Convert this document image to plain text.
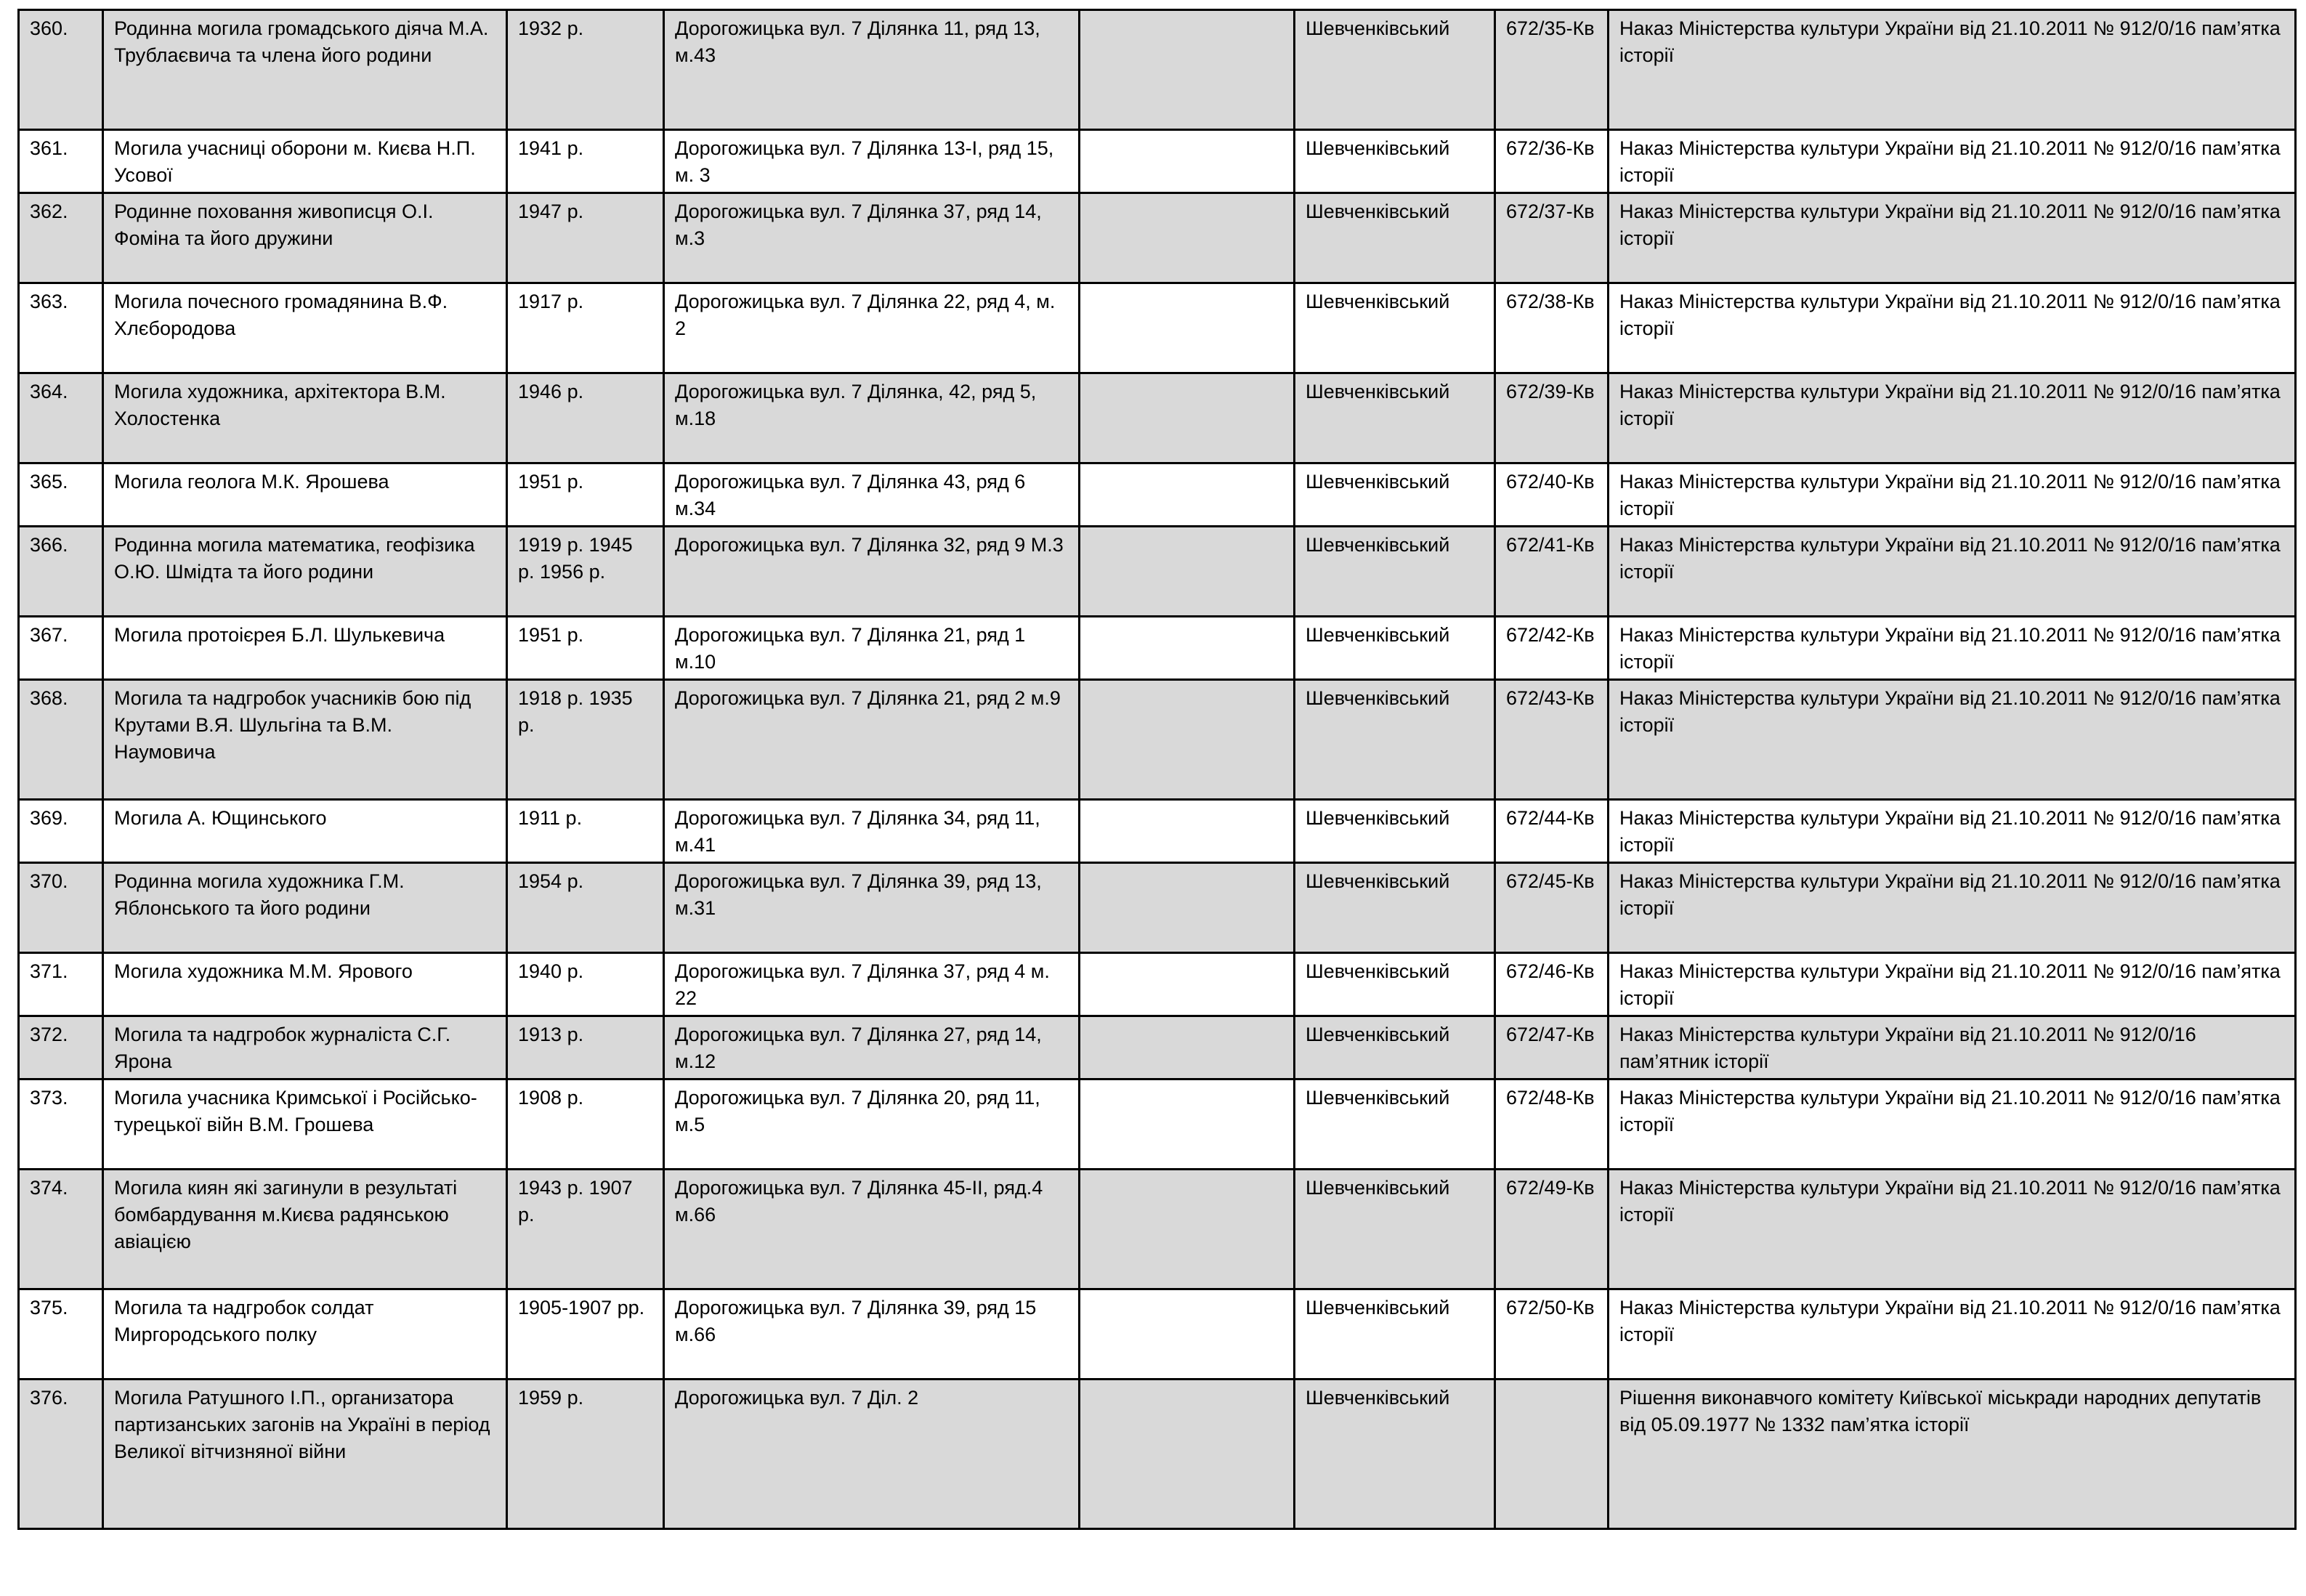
360.	Родинна могила громадського діяча М.А. Трублаєвича та члена його родини	1932 р.	Дорогожицька вул. 7 Ділянка 11, ряд 13, м.43		Шевченківський	672/35-Кв	Наказ Міністерства культури України від 21.10.2011 № 912/0/16 пам’ятка історії
361.	Могила учасниці оборони м. Києва Н.П. Усової	1941 р.	Дорогожицька вул. 7 Ділянка 13-І, ряд 15, м. 3		Шевченківський	672/36-Кв	Наказ Міністерства культури України від 21.10.2011 № 912/0/16 пам’ятка історії
362.	Родинне поховання живописця О.І. Фоміна та його дружини	1947 р.	Дорогожицька вул. 7 Ділянка 37, ряд 14, м.3		Шевченківський	672/37-Кв	Наказ Міністерства культури України від 21.10.2011 № 912/0/16 пам’ятка історії
363.	Могила почесного громадянина В.Ф. Хлєбородова	1917 р.	Дорогожицька вул. 7 Ділянка 22, ряд 4, м. 2		Шевченківський	672/38-Кв	Наказ Міністерства культури України від 21.10.2011 № 912/0/16 пам’ятка історії
364.	Могила художника, архітектора В.М. Холостенка	1946 р.	Дорогожицька вул. 7 Ділянка, 42, ряд 5, м.18		Шевченківський	672/39-Кв	Наказ Міністерства культури України від 21.10.2011 № 912/0/16 пам’ятка історії
365.	Могила геолога М.К. Ярошева	1951 р.	Дорогожицька вул. 7 Ділянка 43, ряд 6 м.34		Шевченківський	672/40-Кв	Наказ Міністерства культури України від 21.10.2011 № 912/0/16 пам’ятка історії
366.	Родинна могила математика, геофізика О.Ю. Шмідта та його родини	1919 р. 1945 р. 1956 р.	Дорогожицька вул. 7 Ділянка 32, ряд 9 М.3		Шевченківський	672/41-Кв	Наказ Міністерства культури України від 21.10.2011 № 912/0/16 пам’ятка історії
367.	Могила протоієрея Б.Л. Шулькевича	1951 р.	Дорогожицька вул. 7 Ділянка 21, ряд 1 м.10		Шевченківський	672/42-Кв	Наказ Міністерства культури України від 21.10.2011 № 912/0/16 пам’ятка історії
368.	Могила та надгробок учасників бою під Крутами В.Я. Шульгіна та В.М. Наумовича	1918 р. 1935 р.	Дорогожицька вул. 7 Ділянка 21, ряд 2 м.9		Шевченківський	672/43-Кв	Наказ Міністерства культури України від 21.10.2011 № 912/0/16 пам’ятка історії
369.	Могила А. Ющинського	1911 р.	Дорогожицька вул. 7 Ділянка 34, ряд 11, м.41		Шевченківський	672/44-Кв	Наказ Міністерства культури України від 21.10.2011 № 912/0/16 пам’ятка історії
370.	Родинна могила художника Г.М. Яблонського та його родини	1954 р.	Дорогожицька вул. 7 Ділянка 39, ряд 13, м.31		Шевченківський	672/45-Кв	Наказ Міністерства культури України від 21.10.2011 № 912/0/16 пам’ятка історії
371.	Могила художника М.М. Ярового	1940 р.	Дорогожицька вул. 7 Ділянка 37, ряд 4 м. 22		Шевченківський	672/46-Кв	Наказ Міністерства культури України від 21.10.2011 № 912/0/16 пам’ятка історії
372.	Могила та надгробок журналіста С.Г. Ярона	1913 р.	Дорогожицька вул. 7 Ділянка 27, ряд 14, м.12		Шевченківський	672/47-Кв	Наказ Міністерства культури України від 21.10.2011 № 912/0/16 пам’ятник історії
373.	Могила учасника Кримської і Російсько-турецької війн В.М. Грошева	1908 р.	Дорогожицька вул. 7 Ділянка 20, ряд 11, м.5		Шевченківський	672/48-Кв	Наказ Міністерства культури України від 21.10.2011 № 912/0/16 пам’ятка історії
374.	Могила киян які загинули в результаті бомбардування м.Києва радянською авіацією	1943 р. 1907 р.	Дорогожицька вул. 7 Ділянка 45-ІІ, ряд.4 м.66		Шевченківський	672/49-Кв	Наказ Міністерства культури України від 21.10.2011 № 912/0/16 пам’ятка історії
375.	Могила та надгробок солдат Миргородського полку	1905-1907 рр.	Дорогожицька вул. 7 Ділянка 39, ряд 15 м.66		Шевченківський	672/50-Кв	Наказ Міністерства культури України від 21.10.2011 № 912/0/16 пам’ятка історії
376.	Могила Ратушного І.П., организатора партизанських загонів на Україні в період Великої вітчизняної війни	1959 р.	Дорогожицька вул. 7 Діл. 2		Шевченківський		Рішення виконавчого комітету Київської міськради народних депутатів від 05.09.1977 № 1332 пам’ятка історії
